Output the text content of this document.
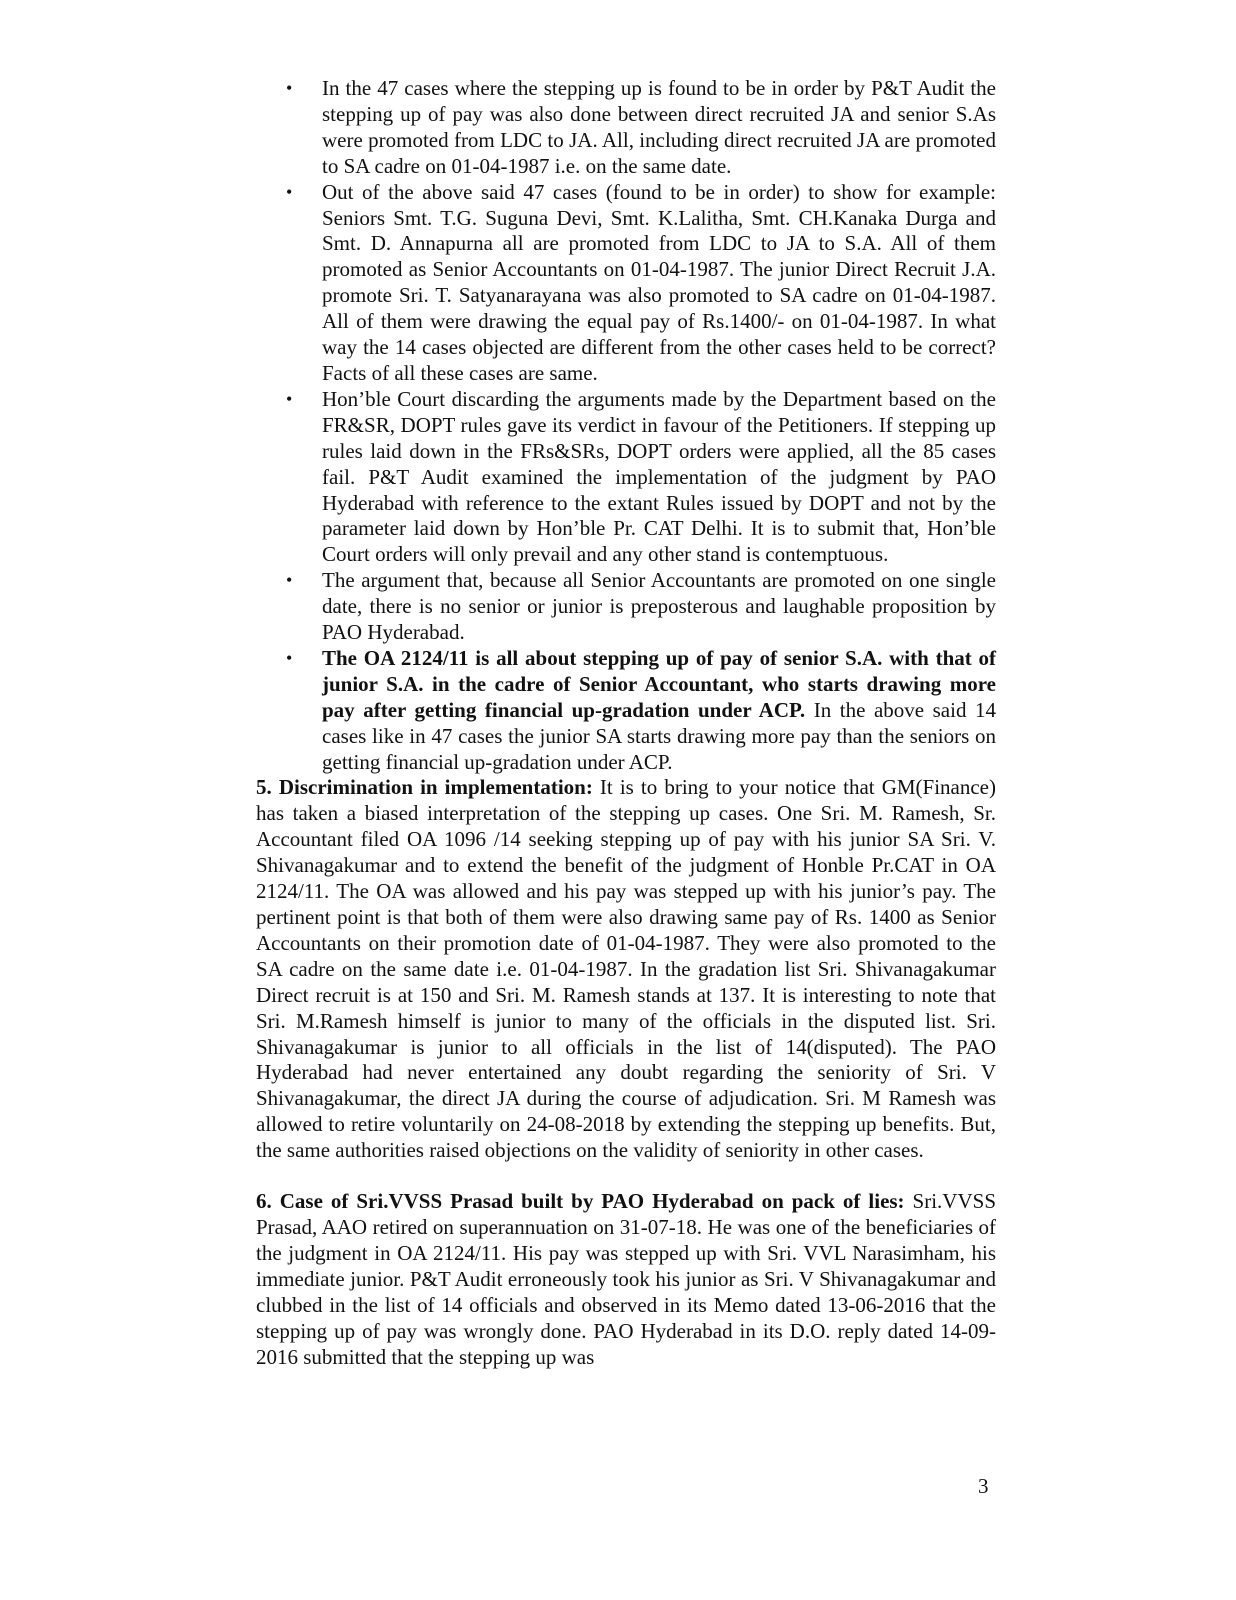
• In the 47 cases where the stepping up is found to be in order by P&T Audit the stepping up of pay was also done between direct recruited JA and senior S.As were promoted from LDC to JA. All, including direct recruited JA are promoted to SA cadre on 01-04-1987 i.e. on the same date.

• Out of the above said 47 cases (found to be in order) to show for example: Seniors Smt. T.G. Suguna Devi, Smt. K.Lalitha, Smt. CH.Kanaka Durga and Smt. D. Annapurna all are promoted from LDC to JA to S.A. All of them promoted as Senior Accountants on 01-04-1987. The junior Direct Recruit J.A. promote Sri. T. Satyanarayana was also promoted to SA cadre on 01-04-1987. All of them were drawing the equal pay of Rs.1400/- on 01-04-1987. In what way the 14 cases objected are different from the other cases held to be correct? Facts of all these cases are same.

• Hon’ble Court discarding the arguments made by the Department based on the FR&SR, DOPT rules gave its verdict in favour of the Petitioners. If stepping up rules laid down in the FRs&SRs, DOPT orders were applied, all the 85 cases fail. P&T Audit examined the implementation of the judgment by PAO Hyderabad with reference to the extant Rules issued by DOPT and not by the parameter laid down by Hon’ble Pr. CAT Delhi. It is to submit that, Hon’ble Court orders will only prevail and any other stand is contemptuous.

• The argument that, because all Senior Accountants are promoted on one single date, there is no senior or junior is preposterous and laughable proposition by PAO Hyderabad.

• The OA 2124/11 is all about stepping up of pay of senior S.A. with that of junior S.A. in the cadre of Senior Accountant, who starts drawing more pay after getting financial up-gradation under ACP. In the above said 14 cases like in 47 cases the junior SA starts drawing more pay than the seniors on getting financial up-gradation under ACP.

5. Discrimination in implementation: It is to bring to your notice that GM(Finance) has taken a biased interpretation of the stepping up cases. One Sri. M. Ramesh, Sr. Accountant filed OA 1096 /14 seeking stepping up of pay with his junior SA Sri. V. Shivanagakumar and to extend the benefit of the judgment of Honble Pr.CAT in OA 2124/11. The OA was allowed and his pay was stepped up with his junior’s pay. The pertinent point is that both of them were also drawing same pay of Rs. 1400 as Senior Accountants on their promotion date of 01-04-1987. They were also promoted to the SA cadre on the same date i.e. 01-04-1987. In the gradation list Sri. Shivanagakumar Direct recruit is at 150 and Sri. M. Ramesh stands at 137. It is interesting to note that Sri. M.Ramesh himself is junior to many of the officials in the disputed list. Sri. Shivanagakumar is junior to all officials in the list of 14(disputed). The PAO Hyderabad had never entertained any doubt regarding the seniority of Sri. V Shivanagakumar, the direct JA during the course of adjudication. Sri. M Ramesh was allowed to retire voluntarily on 24-08-2018 by extending the stepping up benefits. But, the same authorities raised objections on the validity of seniority in other cases.

6. Case of Sri.VVSS Prasad built by PAO Hyderabad on pack of lies: Sri.VVSS Prasad, AAO retired on superannuation on 31-07-18. He was one of the beneficiaries of the judgment in OA 2124/11. His pay was stepped up with Sri. VVL Narasimham, his immediate junior. P&T Audit erroneously took his junior as Sri. V Shivanagakumar and clubbed in the list of 14 officials and observed in its Memo dated 13-06-2016 that the stepping up of pay was wrongly done. PAO Hyderabad in its D.O. reply dated 14-09-2016 submitted that the stepping up was

3
